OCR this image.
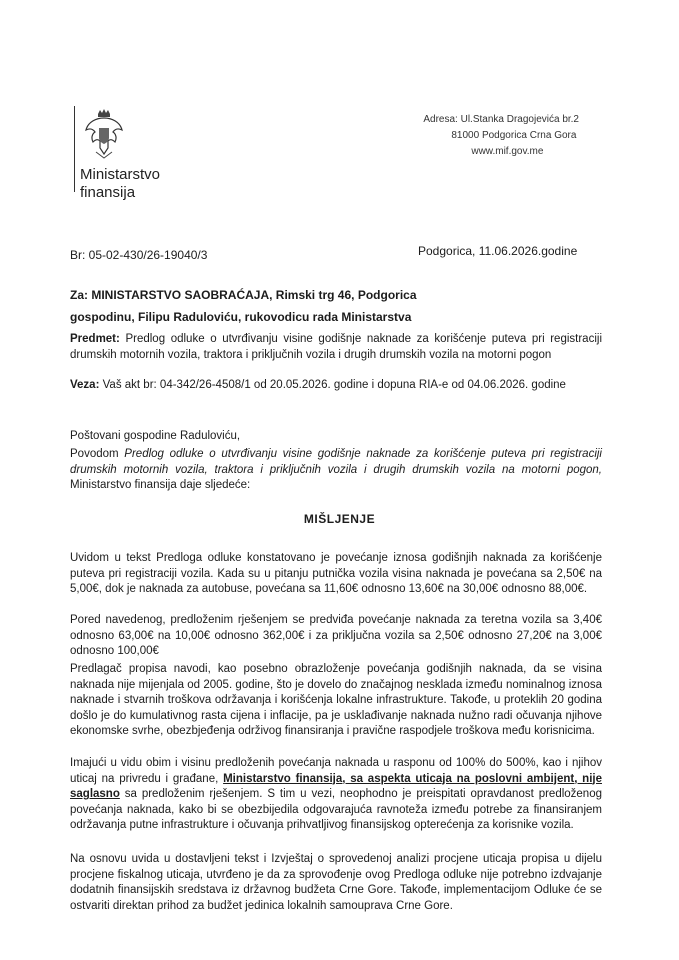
Ministarstvo
finansija
Adresa: Ul.Stanka Dragojevića br.2
81000 Podgorica Crna Gora
www.mif.gov.me
Br: 05-02-430/26-19040/3	Podgorica, 11.06.2026.godine
Za: MINISTARSTVO SAOBRAĆAJA, Rimski trg 46, Podgorica
gospodinu, Filipu Raduloviću, rukovodicu rada Ministarstva
Predmet: Predlog odluke o utvrđivanju visine godišnje naknade za korišćenje puteva pri registraciji drumskih motornih vozila, traktora i priključnih vozila i drugih drumskih vozila na motorni pogon
Veza: Vaš akt br: 04-342/26-4508/1 od 20.05.2026. godine i dopuna RIA-e od 04.06.2026. godine
Poštovani gospodine Raduloviću,
Povodom Predlog odluke o utvrđivanju visine godišnje naknade za korišćenje puteva pri registraciji drumskih motornih vozila, traktora i priključnih vozila i drugih drumskih vozila na motorni pogon, Ministarstvo finansija daje sljedeće:
MIŠLJENJE
Uvidom u tekst Predloga odluke konstatovano je povećanje iznosa godišnjih naknada za korišćenje puteva pri registraciji vozila. Kada su u pitanju putnička vozila visina naknada je povećana sa 2,50€ na 5,00€, dok je naknada za autobuse, povećana sa 11,60€ odnosno 13,60€ na 30,00€ odnosno 88,00€.
Pored navedenog, predloženim rješenjem se predviđa povećanje naknada za teretna vozila sa 3,40€ odnosno 63,00€ na 10,00€ odnosno 362,00€ i za priključna vozila sa 2,50€ odnosno 27,20€ na 3,00€ odnosno 100,00€
Predlagač propisa navodi, kao posebno obrazloženje povećanja godišnjih naknada, da se visina naknada nije mijenjala od 2005. godine, što je dovelo do značajnog neskladа između nominalnog iznosa naknade i stvarnih troškova održavanja i korišćenja lokalne infrastrukture. Takođe, u proteklih 20 godina došlo je do kumulativnog rasta cijena i inflacije, pa je usklađivanje naknada nužno radi očuvanja njihove ekonomske svrhe, obezbjeđenja održivog finansiranja i pravične raspodjele troškova među korisnicima.
Imajući u vidu obim i visinu predloženih povećanja naknada u rasponu od 100% do 500%, kao i njihov uticaj na privredu i građane, Ministarstvo finansija, sa aspekta uticaja na poslovni ambijent, nije saglasno sa predloženim rješenjem. S tim u vezi, neophodno je preispitati opravdanost predloženog povećanja naknada, kako bi se obezbijedila odgovarajuća ravnoteža između potrebe za finansiranjem održavanja putne infrastrukture i očuvanja prihvatljivog finansijskog opterećenja za korisnike vozila.
Na osnovu uvida u dostavljeni tekst i Izvještaj o sprovedenoj analizi procjene uticaja propisa u dijelu procjene fiskalnog uticaja, utvrđeno je da za sprovođenje ovog Predloga odluke nije potrebno izdvajanje dodatnih finansijskih sredstava iz državnog budžeta Crne Gore. Takođe, implementacijom Odluke će se ostvariti direktan prihod za budžet jedinica lokalnih samouprava Crne Gore.
